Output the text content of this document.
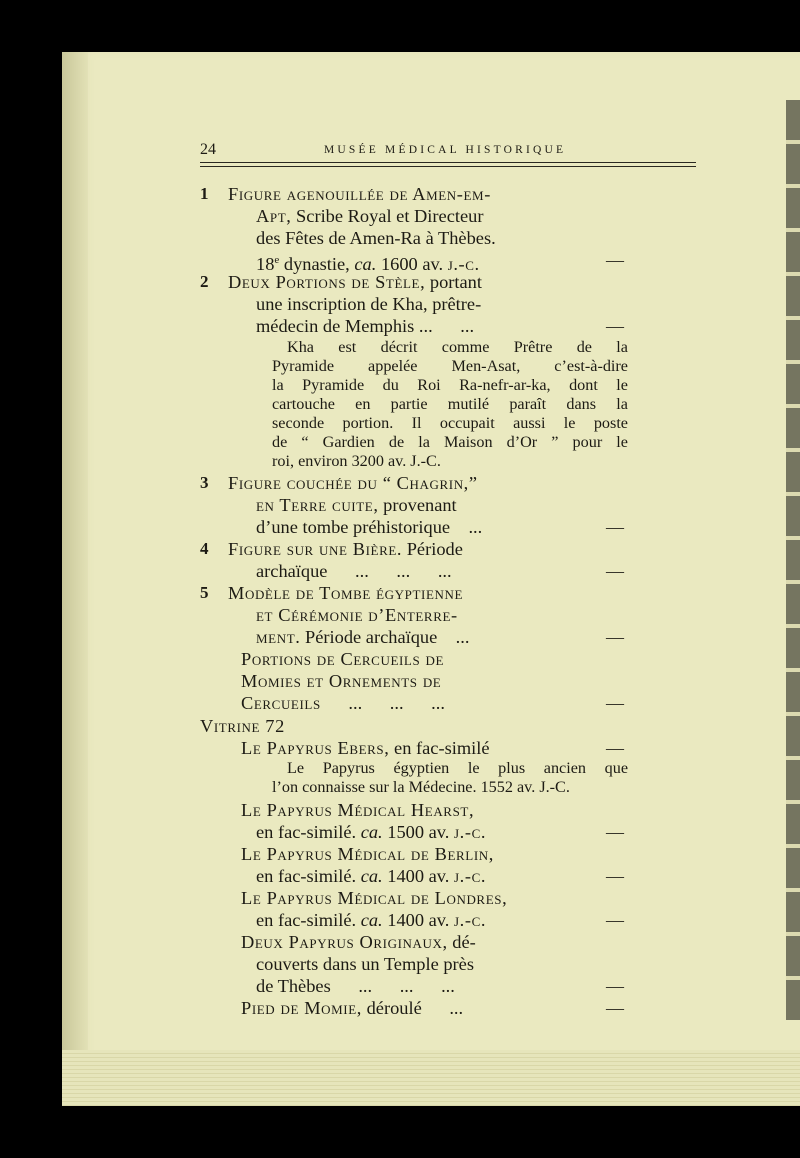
24	MUSÉE MÉDICAL HISTORIQUE
1 Figure agenouillée de Amen-em-
Apt, Scribe Royal et Directeur
des Fêtes de Amen-Ra à Thèbes.
18e dynastie, ca. 1600 av. j.-c.	—
2 Deux Portions de Stèle, portant
une inscription de Kha, prêtre-
médecin de Memphis ...      ...	—
Kha est décrit comme Prêtre de la
Pyramide appelée Men-Asat, c’est-à-dire
la Pyramide du Roi Ra-nefr-ar-ka, dont le
cartouche en partie mutilé paraît dans la
seconde portion. Il occupait aussi le poste
de “ Gardien de la Maison d’Or ” pour le
roi, environ 3200 av. J.-C.
3 Figure couchée du “ Chagrin,”
en Terre cuite, provenant
d’une tombe préhistorique    ...	—
4 Figure sur une Bière. Période
archaïque      ...      ...      ...	—
5 Modèle de Tombe égyptienne
et Cérémonie d’Enterre-
ment. Période archaïque    ...	—
Portions de Cercueils de
Momies et Ornements de
Cercueils      ...      ...      ...	—
Vitrine 72
Le Papyrus Ebers, en fac-similé	—
Le Papyrus égyptien le plus ancien que
l’on connaisse sur la Médecine. 1552 av. J.-C.
Le Papyrus Médical Hearst,
en fac-similé. ca. 1500 av. j.-c.	—
Le Papyrus Médical de Berlin,
en fac-similé. ca. 1400 av. j.-c.	—
Le Papyrus Médical de Londres,
en fac-similé. ca. 1400 av. j.-c.	—
Deux Papyrus Originaux, dé-
couverts dans un Temple près
de Thèbes      ...      ...      ...	—
Pied de Momie, déroulé      ...	—
